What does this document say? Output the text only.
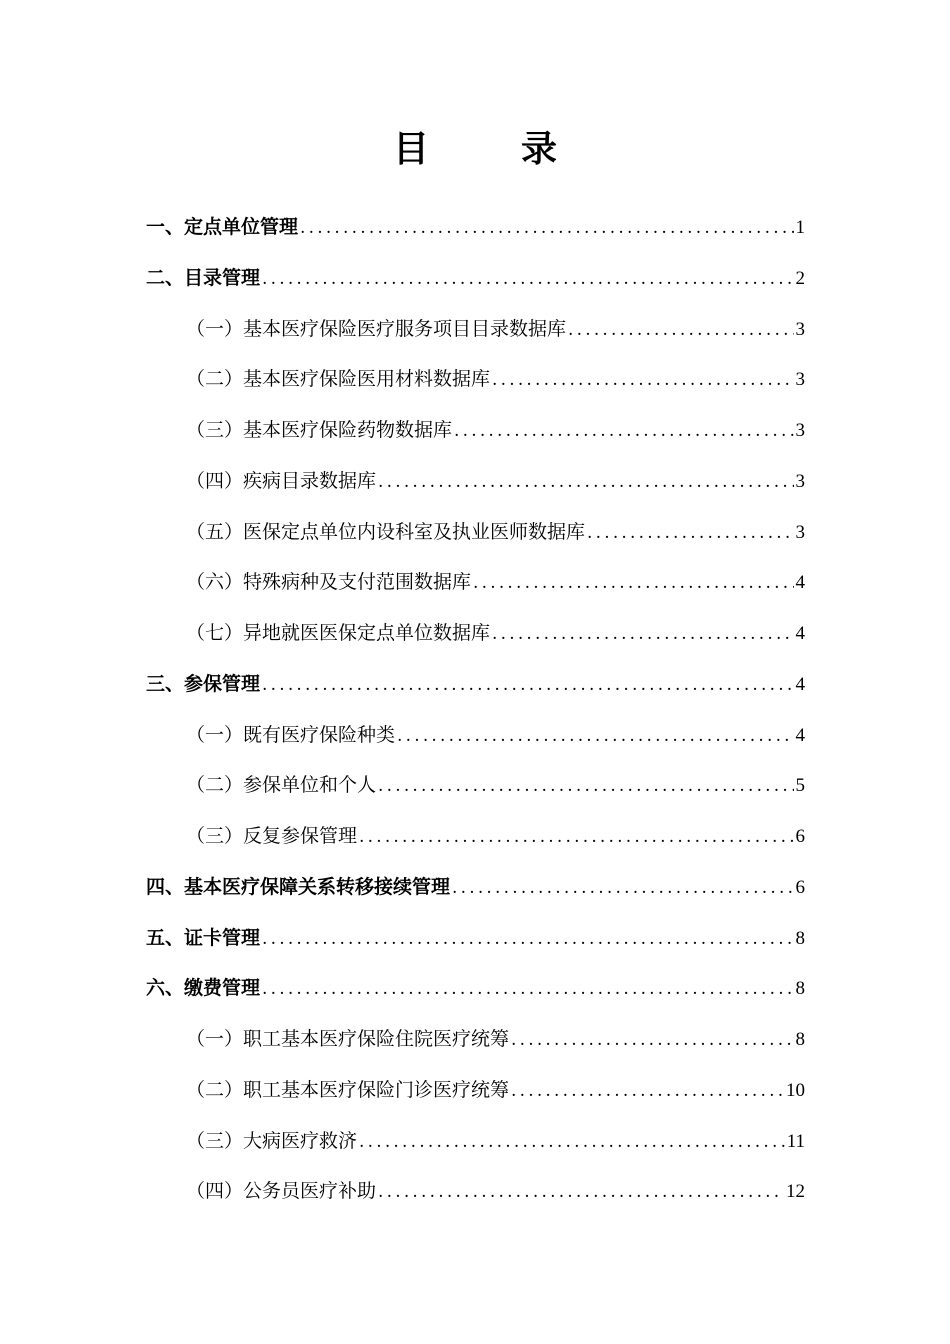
目　录
一、定点单位管理 .....	1
二、目录管理 .....	2
（一）基本医疗保险医疗服务项目目录数据库 .....	3
（二）基本医疗保险医用材料数据库 .....	3
（三）基本医疗保险药物数据库 .....	3
（四）疾病目录数据库 .....	3
（五）医保定点单位内设科室及执业医师数据库 .....	3
（六）特殊病种及支付范围数据库 .....	4
（七）异地就医医保定点单位数据库 .....	4
三、参保管理 .....	4
（一）既有医疗保险种类 .....	4
（二）参保单位和个人 .....	5
（三）反复参保管理 .....	6
四、基本医疗保障关系转移接续管理 .....	6
五、证卡管理 .....	8
六、缴费管理 .....	8
（一）职工基本医疗保险住院医疗统筹 .....	8
（二）职工基本医疗保险门诊医疗统筹 .....	10
（三）大病医疗救济 .....	11
（四）公务员医疗补助 .....	12
